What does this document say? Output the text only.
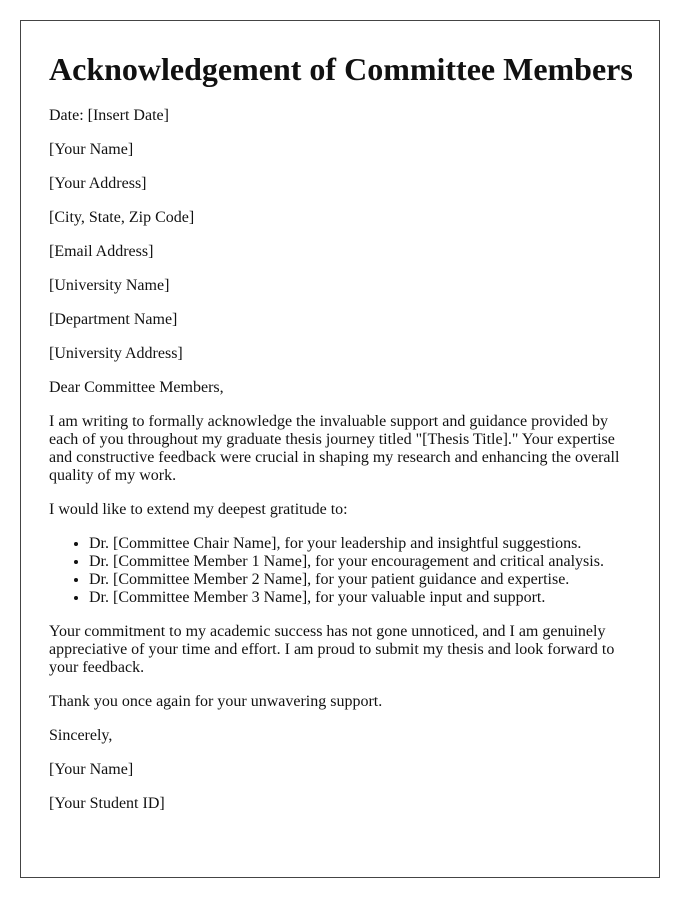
Acknowledgement of Committee Members

Date: [Insert Date]

[Your Name]

[Your Address]

[City, State, Zip Code]

[Email Address]

[University Name]

[Department Name]

[University Address]

Dear Committee Members,

I am writing to formally acknowledge the invaluable support and guidance provided by each of you throughout my graduate thesis journey titled "[Thesis Title]." Your expertise and constructive feedback were crucial in shaping my research and enhancing the overall quality of my work.

I would like to extend my deepest gratitude to:

• Dr. [Committee Chair Name], for your leadership and insightful suggestions.
• Dr. [Committee Member 1 Name], for your encouragement and critical analysis.
• Dr. [Committee Member 2 Name], for your patient guidance and expertise.
• Dr. [Committee Member 3 Name], for your valuable input and support.

Your commitment to my academic success has not gone unnoticed, and I am genuinely appreciative of your time and effort. I am proud to submit my thesis and look forward to your feedback.

Thank you once again for your unwavering support.

Sincerely,

[Your Name]

[Your Student ID]
